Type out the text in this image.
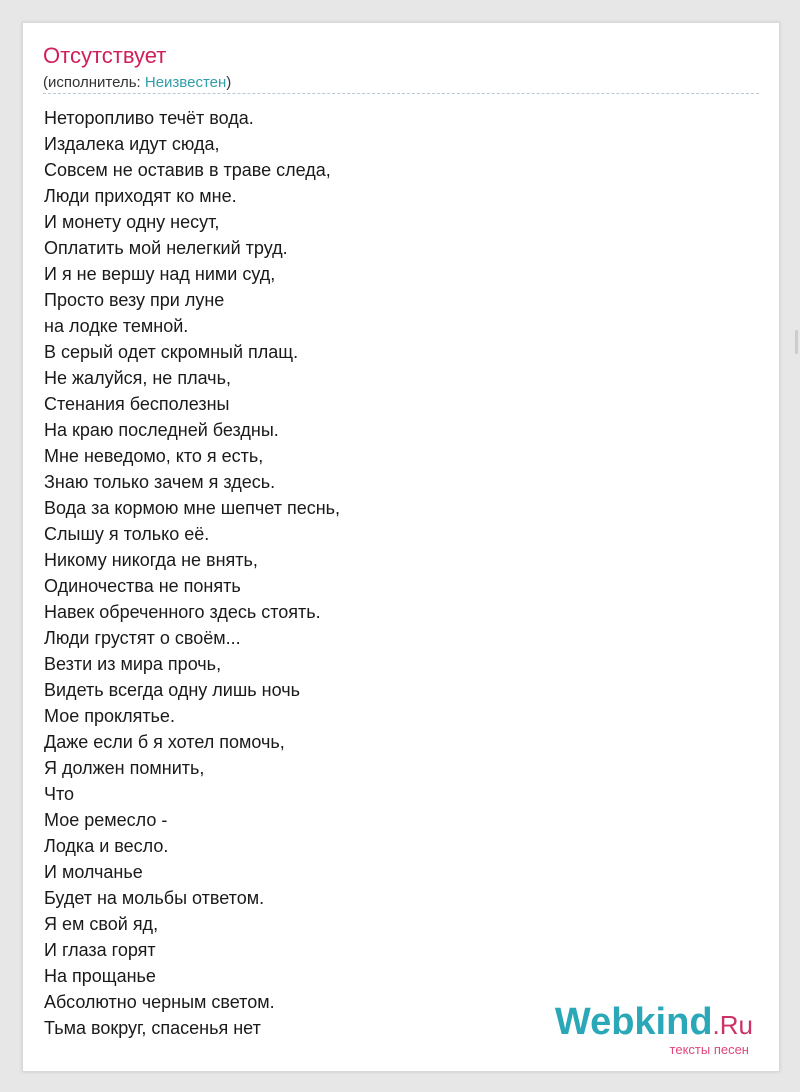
Отсутствует
(исполнитель: Неизвестен)
Неторопливо течёт вода.
Издалека идут сюда,
Совсем не оставив в траве следа,
Люди приходят ко мне.
И монету одну несут,
Оплатить мой нелегкий труд.
И я не вершу над ними суд,
Просто везу при луне
на лодке темной.
В серый одет скромный плащ.
Не жалуйся, не плачь,
Стенания бесполезны
На краю последней бездны.
Мне неведомо, кто я есть,
Знаю только зачем я здесь.
Вода за кормою мне шепчет песнь,
Слышу я только её.
Никому никогда не внять,
Одиночества не понять
Навек обреченного здесь стоять.
Люди грустят о своём...
Везти из мира прочь,
Видеть всегда одну лишь ночь
Мое проклятье.
Даже если б я хотел помочь,
Я должен помнить,
Что
Мое ремесло -
Лодка и весло.
И молчанье
Будет на мольбы ответом.
Я ем свой яд,
И глаза горят
На прощанье
Абсолютно черным светом.
Тьма вокруг, спасенья нет	Webkind.Ru
тексты песен
